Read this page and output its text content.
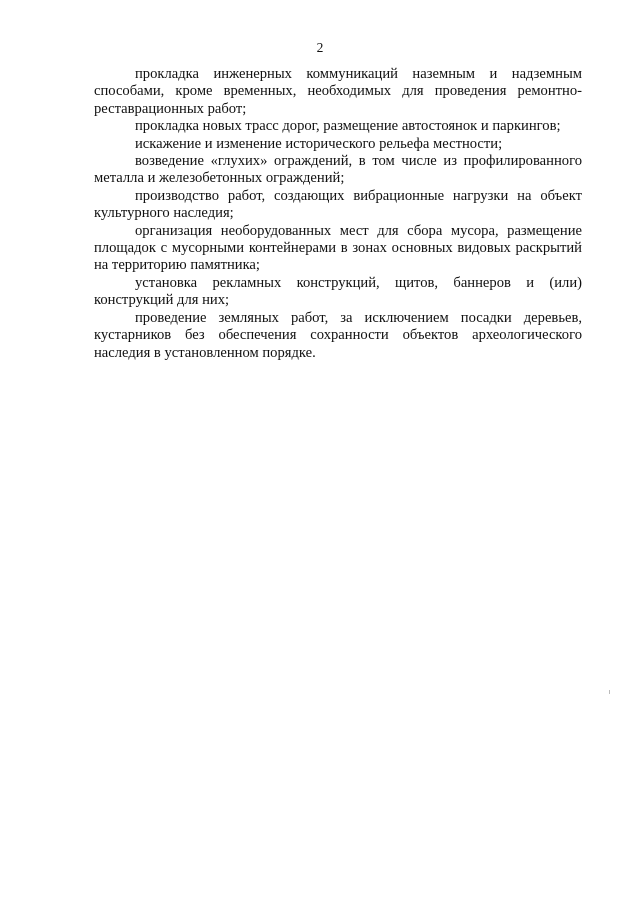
2

прокладка инженерных коммуникаций наземным и надземным способами, кроме временных, необходимых для проведения ремонтно-реставрационных работ;

прокладка новых трасс дорог, размещение автостоянок и паркингов;

искажение и изменение исторического рельефа местности;

возведение «глухих» ограждений, в том числе из профилированного металла и железобетонных ограждений;

производство работ, создающих вибрационные нагрузки на объект культурного наследия;

организация необорудованных мест для сбора мусора, размещение площадок с мусорными контейнерами в зонах основных видовых раскрытий на территорию памятника;

установка рекламных конструкций, щитов, баннеров и (или) конструкций для них;

проведение земляных работ, за исключением посадки деревьев, кустарников без обеспечения сохранности объектов археологического наследия в установленном порядке.
